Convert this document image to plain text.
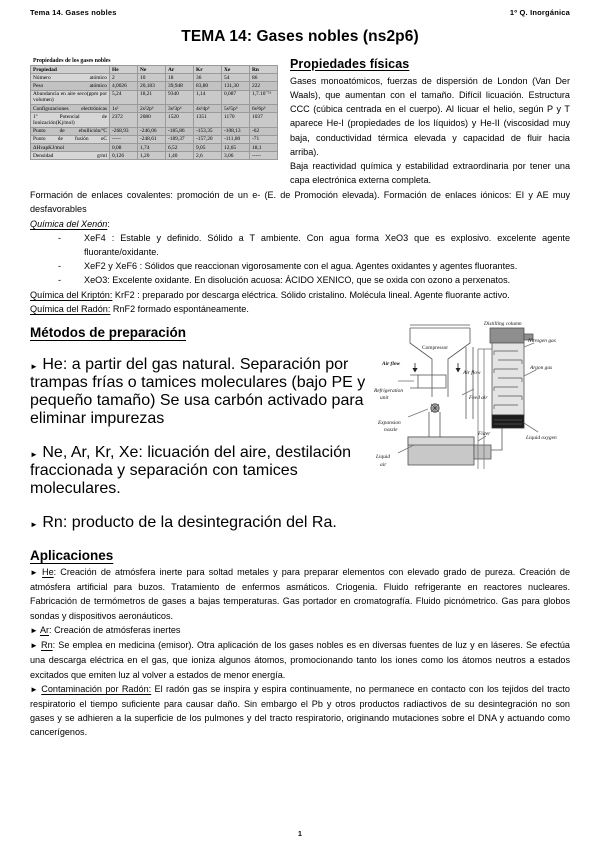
Tema 14. Gases nobles	1º Q. Inorgánica
TEMA 14: Gases nobles (ns2p6)
Propiedades de los gases nobles
Propiedad	He	Ne	Ar	Kr	Xe	Rn
Número atómico	2	10	18	36	54	86
Peso atómico	4,0026	20,183	39,948	83,80	131,30	222
Abundancia en aire seco(ppm por volumen)	5,24	18,21	9340	1,14	0,087	1,7.10¯¹¹
Configuraciones electrónicas	1s²	2s²2p⁶	3s²3p⁶	4s²4p⁶	5s²5p⁶	6s²6p⁶
1º Potencial de Ionización(Kj/mol)	2372	2080	1520	1351	1170	1037
Punto de ebullición/ºC	-268,93	-246,06	-185,86	-153,35	-108,13	-62
Punto de fusión oC	-----	-248,61	-189,37	-157,20	-111,80	-71
ΔHvapKJ/mol	0,08	1,74	6,52	9,05	12,65	18,1
Densidad g/ml	0,126	1,20	1,40	2,6	3,06	-----
Propiedades físicas

Gases monoatómicos, fuerzas de dispersión de London (Van Der Waals), que aumentan con el tamaño. Difícil licuación. Estructura CCC (cúbica centrada en el cuerpo). Al licuar el helio, según P y T aparece He-I (propiedades de los líquidos) y He-II (viscosidad muy baja, conductividad térmica elevada y capacidad de fluir hacia arriba).

Baja reactividad química y estabilidad extraordinaria por tener una capa electrónica externa completa.

Formación de enlaces covalentes: promoción de un e- (E. de Promoción elevada). Formación de enlaces iónicos: EI y AE muy desfavorables

Química del Xenón:

- XeF4 : Estable y definido. Sólido a T ambiente. Con agua forma XeO3 que es explosivo. excelente agente fluorante/oxidante.
- XeF2 y XeF6 : Sólidos que reaccionan vigorosamente con el agua. Agentes oxidantes y agentes fluorantes.
- XeO3: Excelente oxidante. En disolución acuosa: ÁCIDO XENICO, que se oxida con ozono a perxenatos.

Química del Kriptón: KrF2 : preparado por descarga eléctrica. Sólido cristalino. Molécula lineal. Agente fluorante activo.

Química del Radón: RnF2 formado espontáneamente.

Métodos de preparación

► He: a partir del gas natural. Separación por trampas frías o tamices moleculares (bajo PE y pequeño tamaño) Se usa carbón activado para eliminar impurezas

► Ne, Ar, Kr, Xe: licuación del aire, destilación fraccionada y separación con tamices moleculares.

► Rn: producto de la desintegración del Ra.

Compressor
Air flow
Air flow
Refrigeration
unit	Feed air
Expansion
nozzle
Liquid
air
Filter
Distilling column
Nitrogen gas
Argon gas
Liquid oxygen
Aplicaciones

► He: Creación de atmósfera inerte para soltad metales y para preparar elementos con elevado grado de pureza. Creación de atmósfera artificial para buzos. Tratamiento de enfermos asmáticos. Criogenia. Fluido refrigerante en reactores nucleares. Fabricación de termómetros de gases a bajas temperaturas. Gas portador en cromatografía. Fluido picnómetrico. Gas para globos sondas y dispositivos aeronáuticos.

► Ar: Creación de atmósferas inertes

► Rn: Se emplea en medicina (emisor). Otra aplicación de los gases nobles es en diversas fuentes de luz y en láseres. Se efectúa una descarga eléctrica en el gas, que ioniza algunos átomos, promocionando tanto los iones como los átomos neutros a estados excitados que emiten luz al volver a estados de menor energía.

► Contaminación por Radón: El radón gas se inspira y espira continuamente, no permanece en contacto con los tejidos del tracto respiratorio el tiempo suficiente para causar daño. Sin embargo el Pb y otros productos radiactivos de su desintegración no son gases y se adhieren a la superficie de los pulmones y del tracto respiratorio, originando mutaciones sobre el DNA y actuando como cancerígenos.

1
